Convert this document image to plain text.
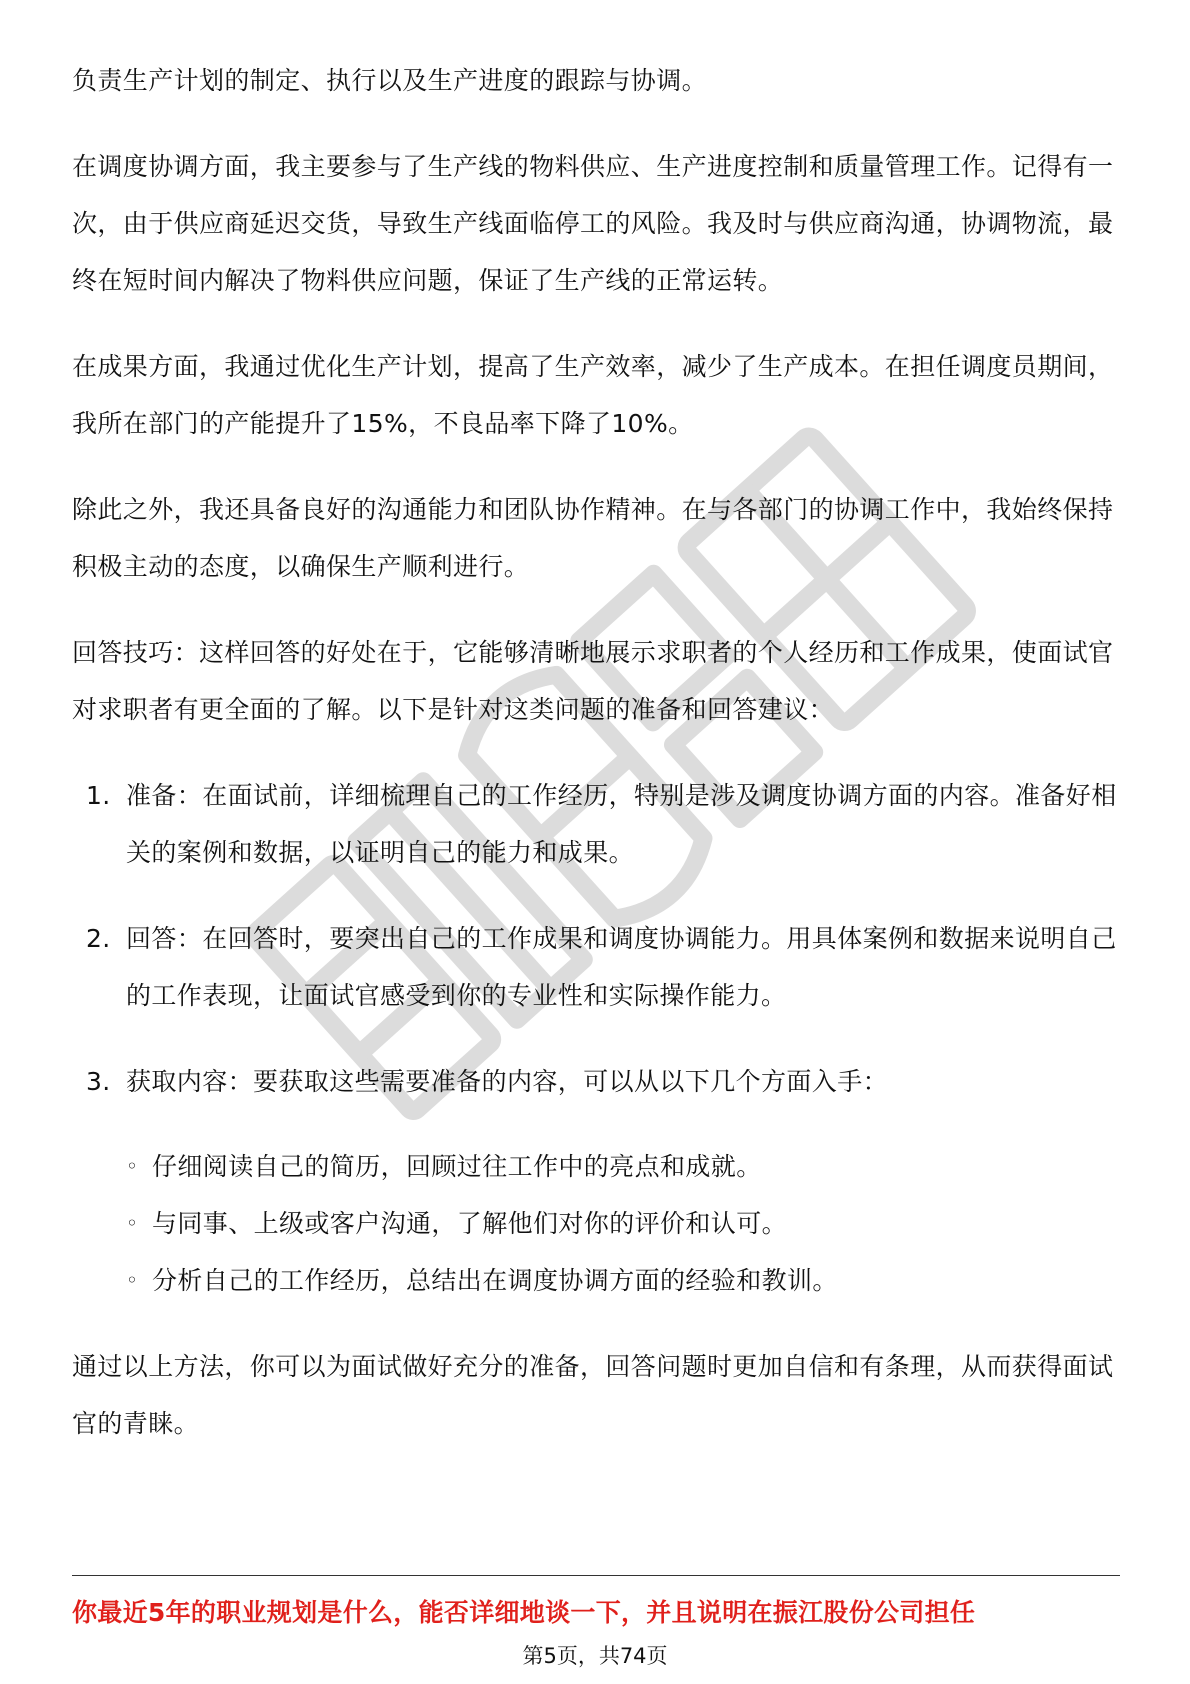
负责生产计划的制定、执行以及生产进度的跟踪与协调。

在调度协调方面，我主要参与了生产线的物料供应、生产进度控制和质量管理工作。记得有一次，由于供应商延迟交货，导致生产线面临停工的风险。我及时与供应商沟通，协调物流，最终在短时间内解决了物料供应问题，保证了生产线的正常运转。

在成果方面，我通过优化生产计划，提高了生产效率，减少了生产成本。在担任调度员期间，我所在部门的产能提升了15%，不良品率下降了10%。

除此之外，我还具备良好的沟通能力和团队协作精神。在与各部门的协调工作中，我始终保持积极主动的态度，以确保生产顺利进行。

回答技巧：这样回答的好处在于，它能够清晰地展示求职者的个人经历和工作成果，使面试官对求职者有更全面的了解。以下是针对这类问题的准备和回答建议：

1. 准备：在面试前，详细梳理自己的工作经历，特别是涉及调度协调方面的内容。准备好相关的案例和数据，以证明自己的能力和成果。
2. 回答：在回答时，要突出自己的工作成果和调度协调能力。用具体案例和数据来说明自己的工作表现，让面试官感受到你的专业性和实际操作能力。
3. 获取内容：要获取这些需要准备的内容，可以从以下几个方面入手：
◦ 仔细阅读自己的简历，回顾过往工作中的亮点和成就。
◦ 与同事、上级或客户沟通，了解他们对你的评价和认可。
◦ 分析自己的工作经历，总结出在调度协调方面的经验和教训。

通过以上方法，你可以为面试做好充分的准备，回答问题时更加自信和有条理，从而获得面试官的青睐。

你最近5年的职业规划是什么，能否详细地谈一下，并且说明在振江股份公司担任
第5页，共74页
